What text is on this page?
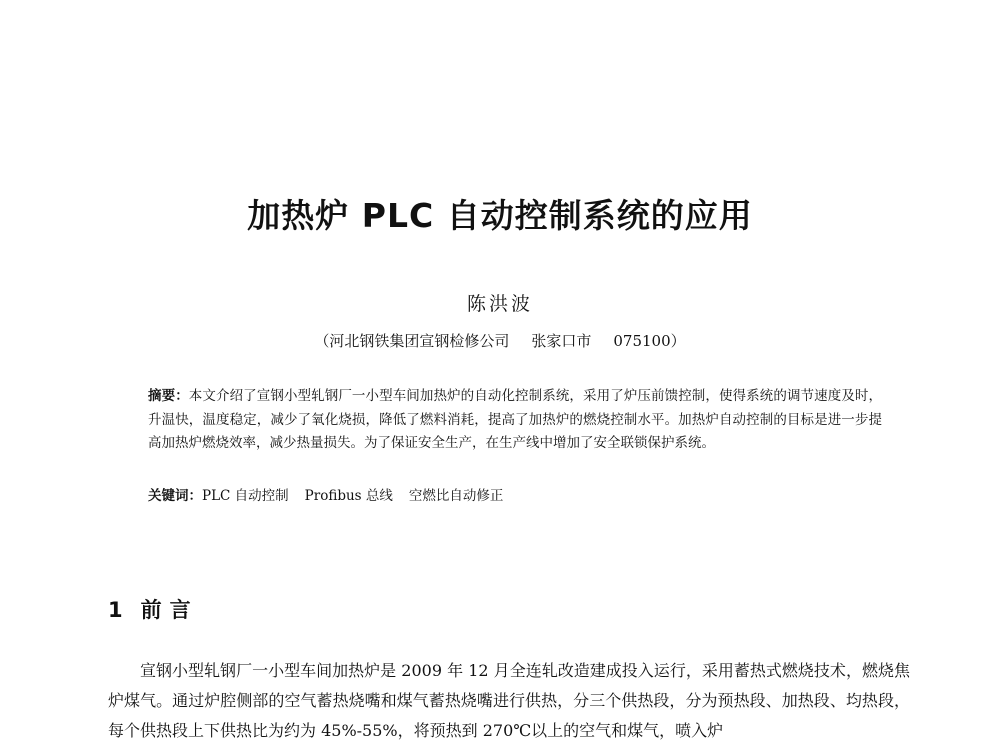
加热炉 PLC 自动控制系统的应用
陈洪波
（河北钢铁集团宣钢检修公司 张家口市 075100）
摘要：本文介绍了宣钢小型轧钢厂一小型车间加热炉的自动化控制系统，采用了炉压前馈控制，使得系统的调节速度及时，升温快，温度稳定，减少了氧化烧损，降低了燃料消耗，提高了加热炉的燃烧控制水平。加热炉自动控制的目标是进一步提高加热炉燃烧效率，减少热量损失。为了保证安全生产，在生产线中增加了安全联锁保护系统。
关键词：PLC 自动控制 Profibus 总线 空燃比自动修正
1 前言
宣钢小型轧钢厂一小型车间加热炉是 2009 年 12 月全连轧改造建成投入运行，采用蓄热式燃烧技术，燃烧焦炉煤气。通过炉腔侧部的空气蓄热烧嘴和煤气蓄热烧嘴进行供热，分三个供热段，分为预热段、加热段、均热段，每个供热段上下供热比为约为 45%-55%，将预热到 270℃以上的空气和煤气，喷入炉
